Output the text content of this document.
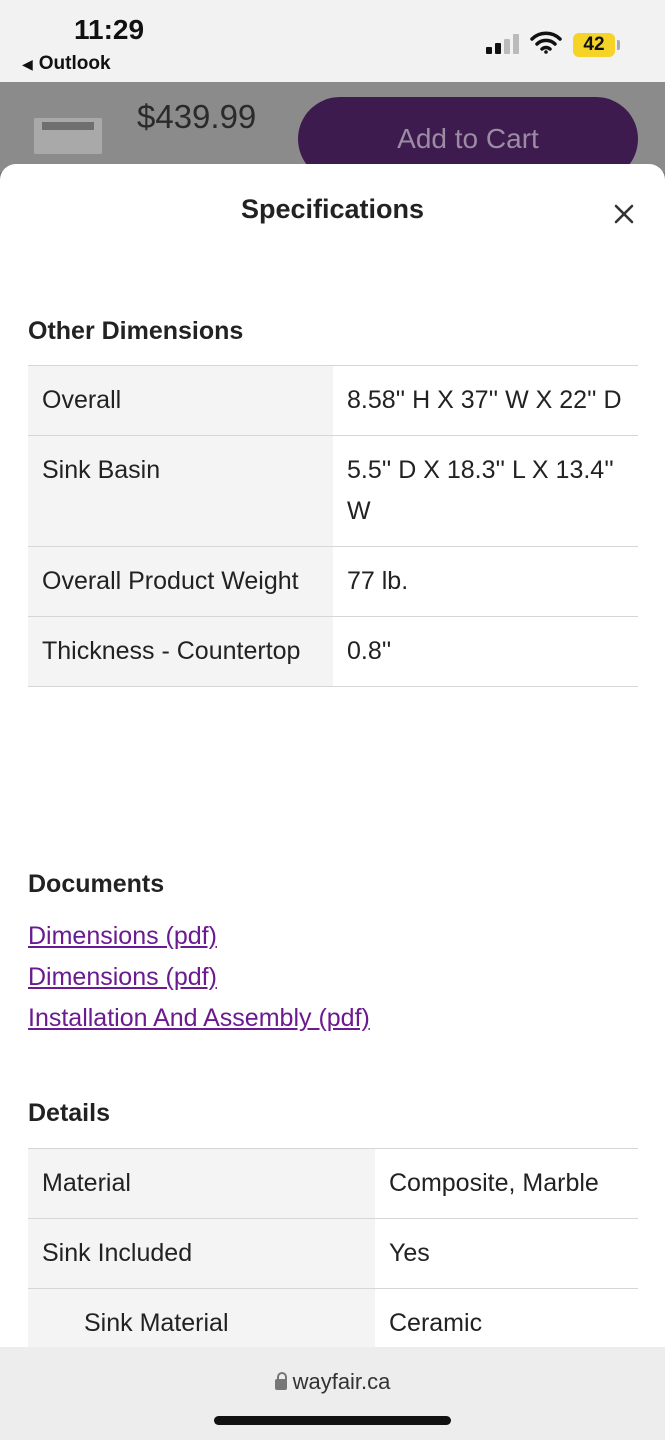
11:29
◀ Outlook
42
$439.99
Add to Cart
Specifications
Other Dimensions
Overall	8.58'' H X 37'' W X 22'' D
Sink Basin	5.5'' D X 18.3'' L X 13.4'' W
Overall Product Weight	77 lb.
Thickness - Countertop	0.8''
Documents
Dimensions (pdf)
Dimensions (pdf)
Installation And Assembly (pdf)
Details
Material	Composite, Marble
Sink Included	Yes
Sink Material	Ceramic
wayfair.ca
